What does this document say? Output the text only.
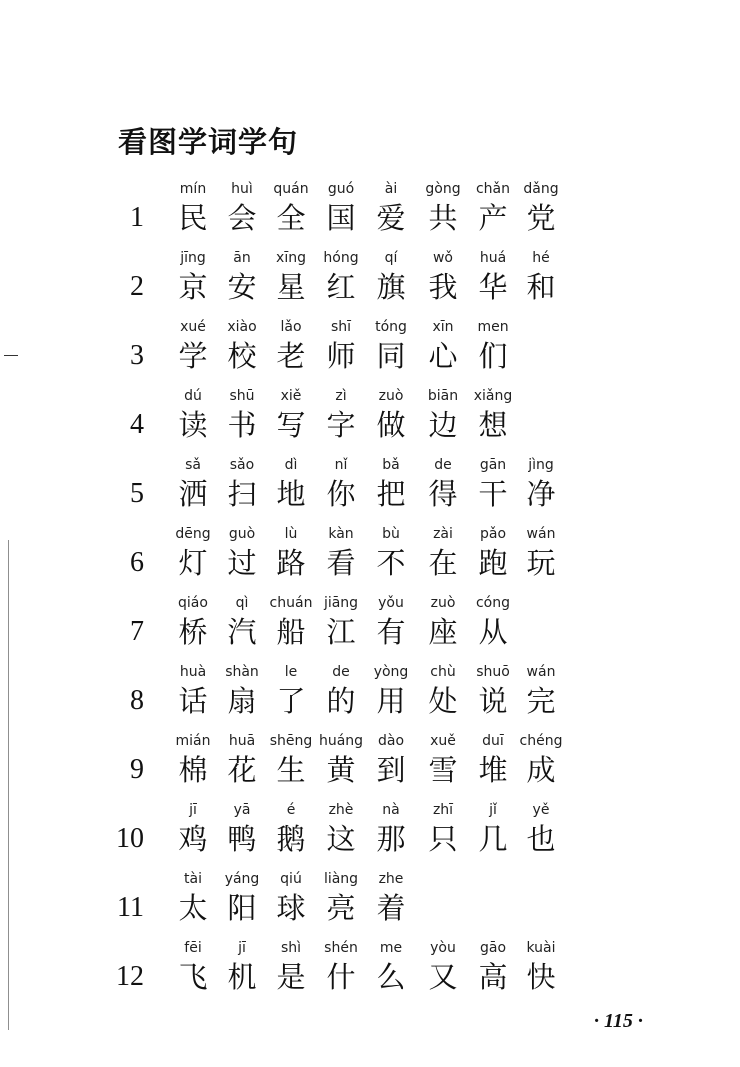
看图学词学句
1
mín
民
huì
会
quán
全
guó
国
ài
爱
gòng
共
chǎn
产
dǎng
党
2
jīng
京
ān
安
xīng
星
hóng
红
qí
旗
wǒ
我
huá
华
hé
和
3
xué
学
xiào
校
lǎo
老
shī
师
tóng
同
xīn
心
men
们
4
dú
读
shū
书
xiě
写
zì
字
zuò
做
biān
边
xiǎng
想
5
sǎ
洒
sǎo
扫
dì
地
nǐ
你
bǎ
把
de
得
gān
干
jìng
净
6
dēng
灯
guò
过
lù
路
kàn
看
bù
不
zài
在
pǎo
跑
wán
玩
7
qiáo
桥
qì
汽
chuán
船
jiāng
江
yǒu
有
zuò
座
cóng
从
8
huà
话
shàn
扇
le
了
de
的
yòng
用
chù
处
shuō
说
wán
完
9
mián
棉
huā
花
shēng
生
huáng
黄
dào
到
xuě
雪
duī
堆
chéng
成
10
jī
鸡
yā
鸭
é
鹅
zhè
这
nà
那
zhī
只
jǐ
几
yě
也
11
tài
太
yáng
阳
qiú
球
liàng
亮
zhe
着
12
fēi
飞
jī
机
shì
是
shén
什
me
么
yòu
又
gāo
高
kuài
快
· 115 ·
